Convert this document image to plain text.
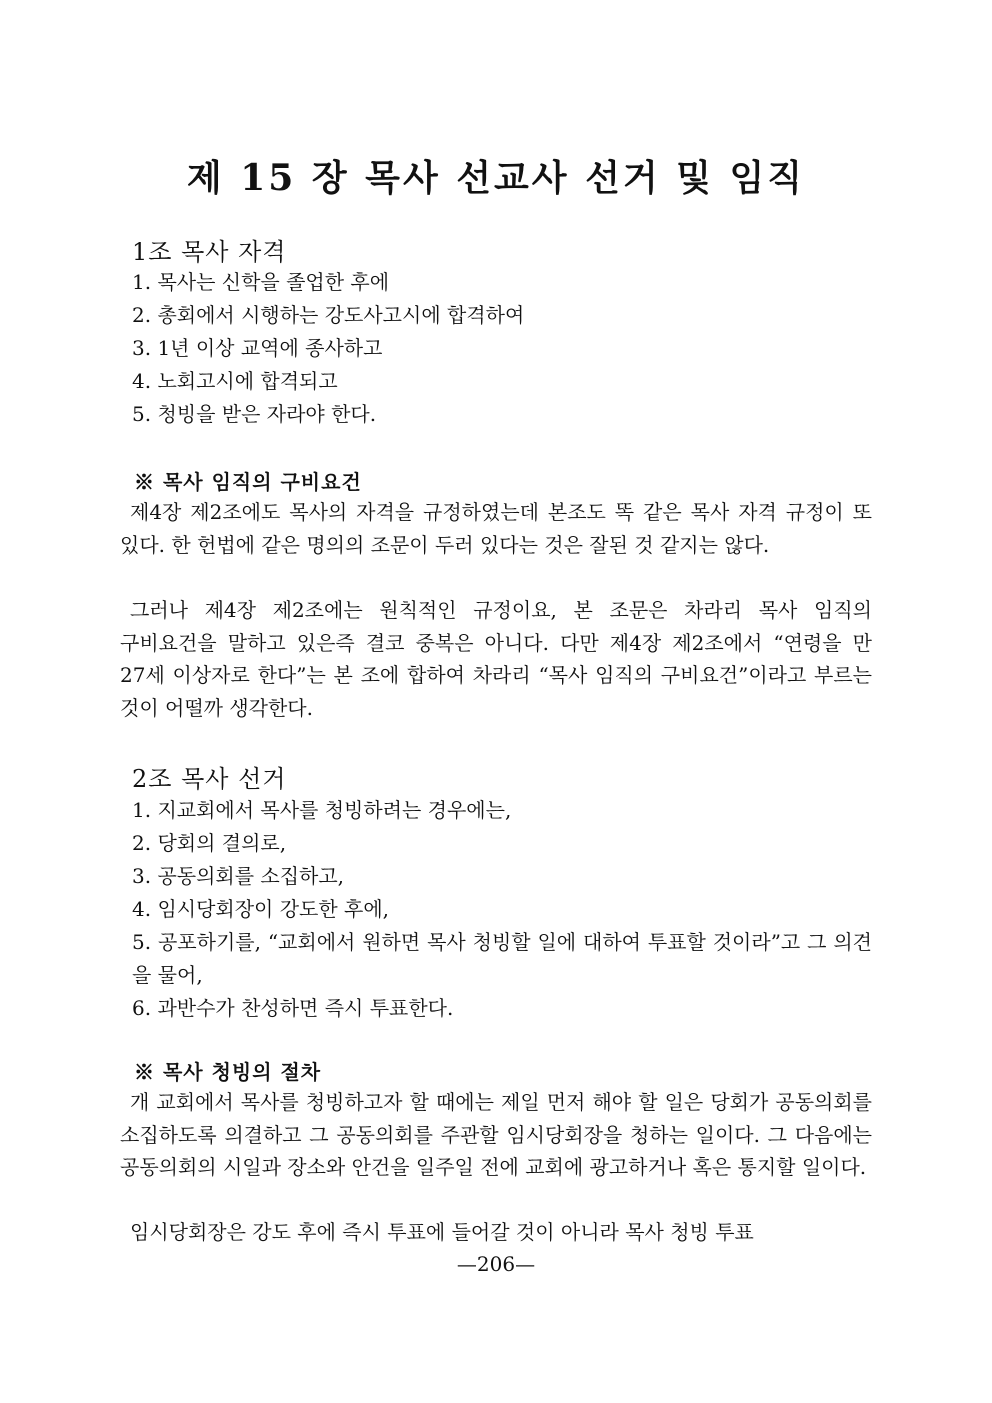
제 15 장 목사 선교사 선거 및 임직
1조 목사 자격
1. 목사는 신학을 졸업한 후에
2. 총회에서 시행하는 강도사고시에 합격하여
3. 1년 이상 교역에 종사하고
4. 노회고시에 합격되고
5. 청빙을 받은 자라야 한다.
※ 목사 임직의 구비요건

제4장 제2조에도 목사의 자격을 규정하였는데 본조도 똑 같은 목사 자격 규정이 또 있다. 한 헌법에 같은 명의의 조문이 두러 있다는 것은 잘된 것 같지는 않다.

그러나 제4장 제2조에는 원칙적인 규정이요, 본 조문은 차라리 목사 임직의 구비요건을 말하고 있은즉 결코 중복은 아니다. 다만 제4장 제2조에서 “연령을 만 27세 이상자로 한다”는 본 조에 합하여 차라리 “목사 임직의 구비요건”이라고 부르는 것이 어떨까 생각한다.

2조 목사 선거
1. 지교회에서 목사를 청빙하려는 경우에는,
2. 당회의 결의로,
3. 공동의회를 소집하고,
4. 임시당회장이 강도한 후에,
5. 공포하기를, “교회에서 원하면 목사 청빙할 일에 대하여 투표할 것이라”고 그 의견을 물어,
6. 과반수가 찬성하면 즉시 투표한다.
※ 목사 청빙의 절차

개 교회에서 목사를 청빙하고자 할 때에는 제일 먼저 해야 할 일은 당회가 공동의회를 소집하도록 의결하고 그 공동의회를 주관할 임시당회장을 청하는 일이다. 그 다음에는 공동의회의 시일과 장소와 안건을 일주일 전에 교회에 광고하거나 혹은 통지할 일이다.

임시당회장은 강도 후에 즉시 투표에 들어갈 것이 아니라 목사 청빙 투표

—206—
